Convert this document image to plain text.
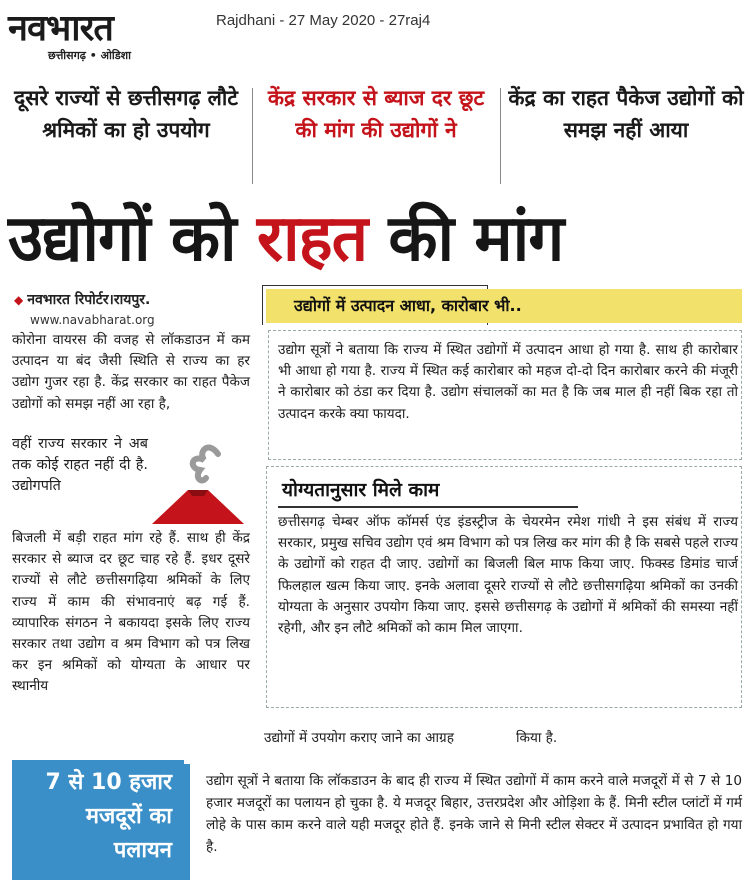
नवभारत
छत्तीसगढ़ • ओडिशा
Rajdhani - 27 May 2020 - 27raj4
दूसरे राज्यों से छत्तीसगढ़ लौटे श्रमिकों का हो उपयोग
केंद्र सरकार से ब्याज दर छूट की मांग की उद्योगों ने
केंद्र का राहत पैकेज उद्योगों को समझ नहीं आया
उद्योगों को राहत की मांग
◆ नवभारत रिपोर्टर।रायपुर.
www.navabharat.org
उद्योगों में उत्पादन आधा, कारोबार भी..
कोरोना वायरस की वजह से लॉकडाउन में कम उत्पादन या बंद जैसी स्थिति से राज्य का हर उद्योग गुजर रहा है. केंद्र सरकार का राहत पैकेज उद्योगों को समझ नहीं आ रहा है,
वहीं राज्य सरकार ने अब तक कोई राहत नहीं दी है. उद्योगपति
बिजली में बड़ी राहत मांग रहे हैं. साथ ही केंद्र सरकार से ब्याज दर छूट चाह रहे हैं. इधर दूसरे राज्यों से लौटे छत्तीसगढ़िया श्रमिकों के लिए राज्य में काम की संभावनाएं बढ़ गई हैं. व्यापारिक संगठन ने बकायदा इसके लिए राज्य सरकार तथा उद्योग व श्रम विभाग को पत्र लिख कर इन श्रमिकों को योग्यता के आधार पर स्थानीय
उद्योग सूत्रों ने बताया कि राज्य में स्थित उद्योगों में उत्पादन आधा हो गया है. साथ ही कारोबार भी आधा हो गया है. राज्य में स्थित कई कारोबार को महज दो-दो दिन कारोबार करने की मंजूरी ने कारोबार को ठंडा कर दिया है. उद्योग संचालकों का मत है कि जब माल ही नहीं बिक रहा तो उत्पादन करके क्या फायदा.
योग्यतानुसार मिले काम
छत्तीसगढ़ चेम्बर ऑफ कॉमर्स एंड इंडस्ट्रीज के चेयरमेन रमेश गांधी ने इस संबंध में राज्य सरकार, प्रमुख सचिव उद्योग एवं श्रम विभाग को पत्र लिख कर मांग की है कि सबसे पहले राज्य के उद्योगों को राहत दी जाए. उद्योगों का बिजली बिल माफ किया जाए. फिक्स्ड डिमांड चार्ज फिलहाल खत्म किया जाए. इनके अलावा दूसरे राज्यों से लौटे छत्तीसगढ़िया श्रमिकों का उनकी योग्यता के अनुसार उपयोग किया जाए. इससे छत्तीसगढ़ के उद्योगों में श्रमिकों की समस्या नहीं रहेगी, और इन लौटे श्रमिकों को काम मिल जाएगा.
उद्योगों में उपयोग कराए जाने का आग्रह	किया है.
7 से 10 हजार
मजदूरों का
पलायन
उद्योग सूत्रों ने बताया कि लॉकडाउन के बाद ही राज्य में स्थित उद्योगों में काम करने वाले मजदूरों में से 7 से 10 हजार मजदूरों का पलायन हो चुका है. ये मजदूर बिहार, उत्तरप्रदेश और ओड़िशा के हैं. मिनी स्टील प्लांटों में गर्म लोहे के पास काम करने वाले यही मजदूर होते हैं. इनके जाने से मिनी स्टील सेक्टर में उत्पादन प्रभावित हो गया है.
